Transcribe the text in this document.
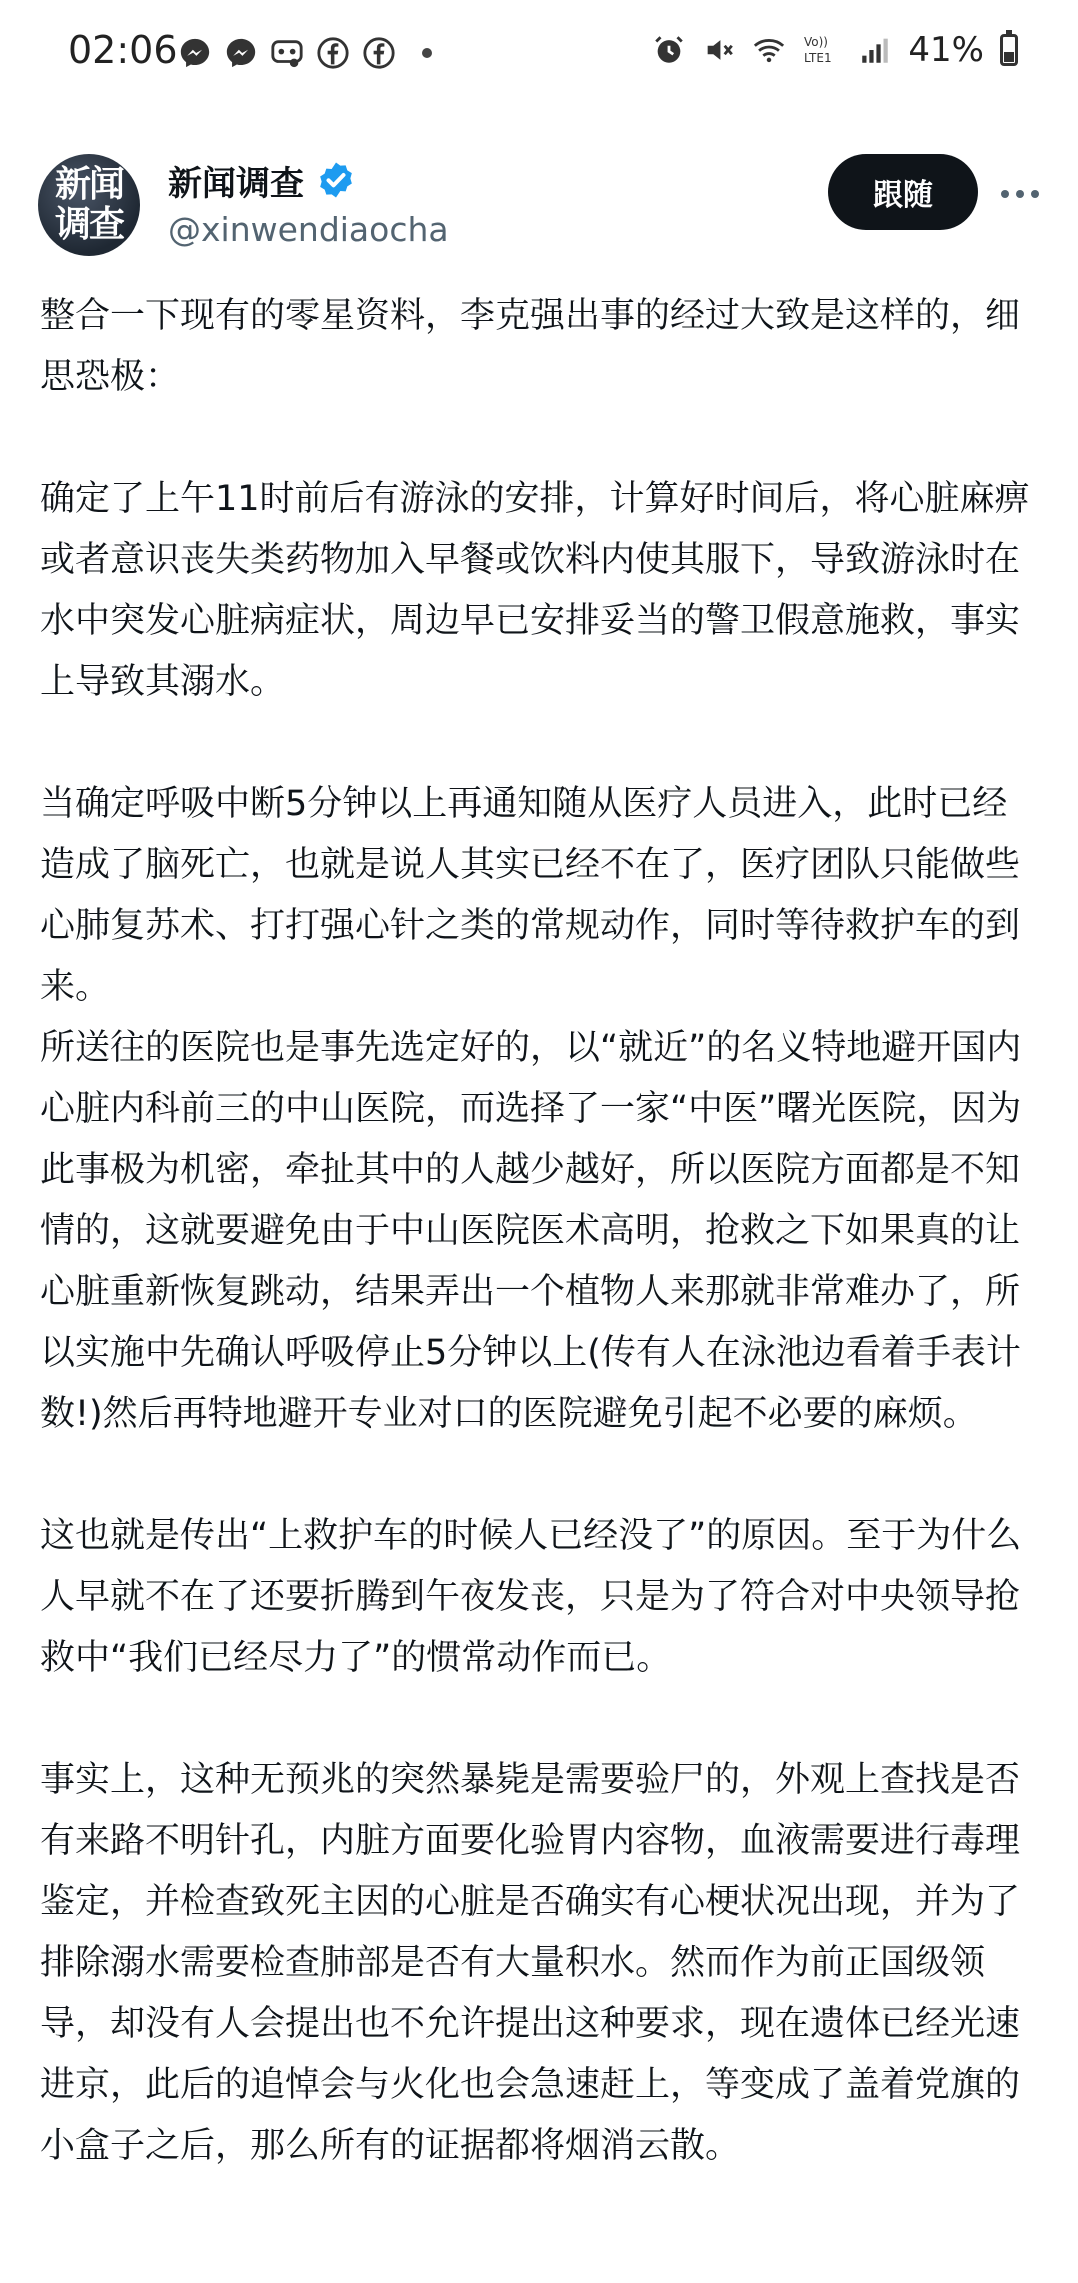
02:06	Vo))
LTE1 41%
新闻调查
新闻调查
@xinwendiaocha
跟随

整合一下现有的零星资料，李克强出事的经过大致是这样的，细思恐极：

确定了上午11时前后有游泳的安排，计算好时间后，将心脏麻痹或者意识丧失类药物加入早餐或饮料内使其服下，导致游泳时在水中突发心脏病症状，周边早已安排妥当的警卫假意施救，事实上导致其溺水。

当确定呼吸中断5分钟以上再通知随从医疗人员进入，此时已经造成了脑死亡，也就是说人其实已经不在了，医疗团队只能做些心肺复苏术、打打强心针之类的常规动作，同时等待救护车的到来。

所送往的医院也是事先选定好的，以“就近”的名义特地避开国内心脏内科前三的中山医院，而选择了一家“中医”曙光医院，因为此事极为机密，牵扯其中的人越少越好，所以医院方面都是不知情的，这就要避免由于中山医院医术高明，抢救之下如果真的让心脏重新恢复跳动，结果弄出一个植物人来那就非常难办了，所以实施中先确认呼吸停止5分钟以上(传有人在泳池边看着手表计数!)然后再特地避开专业对口的医院避免引起不必要的麻烦。

这也就是传出“上救护车的时候人已经没了”的原因。至于为什么人早就不在了还要折腾到午夜发丧，只是为了符合对中央领导抢救中“我们已经尽力了”的惯常动作而已。

事实上，这种无预兆的突然暴毙是需要验尸的，外观上查找是否有来路不明针孔，内脏方面要化验胃内容物，血液需要进行毒理鉴定，并检查致死主因的心脏是否确实有心梗状况出现，并为了排除溺水需要检查肺部是否有大量积水。然而作为前正国级领导，却没有人会提出也不允许提出这种要求，现在遗体已经光速进京，此后的追悼会与火化也会急速赶上，等变成了盖着党旗的小盒子之后，那么所有的证据都将烟消云散。
